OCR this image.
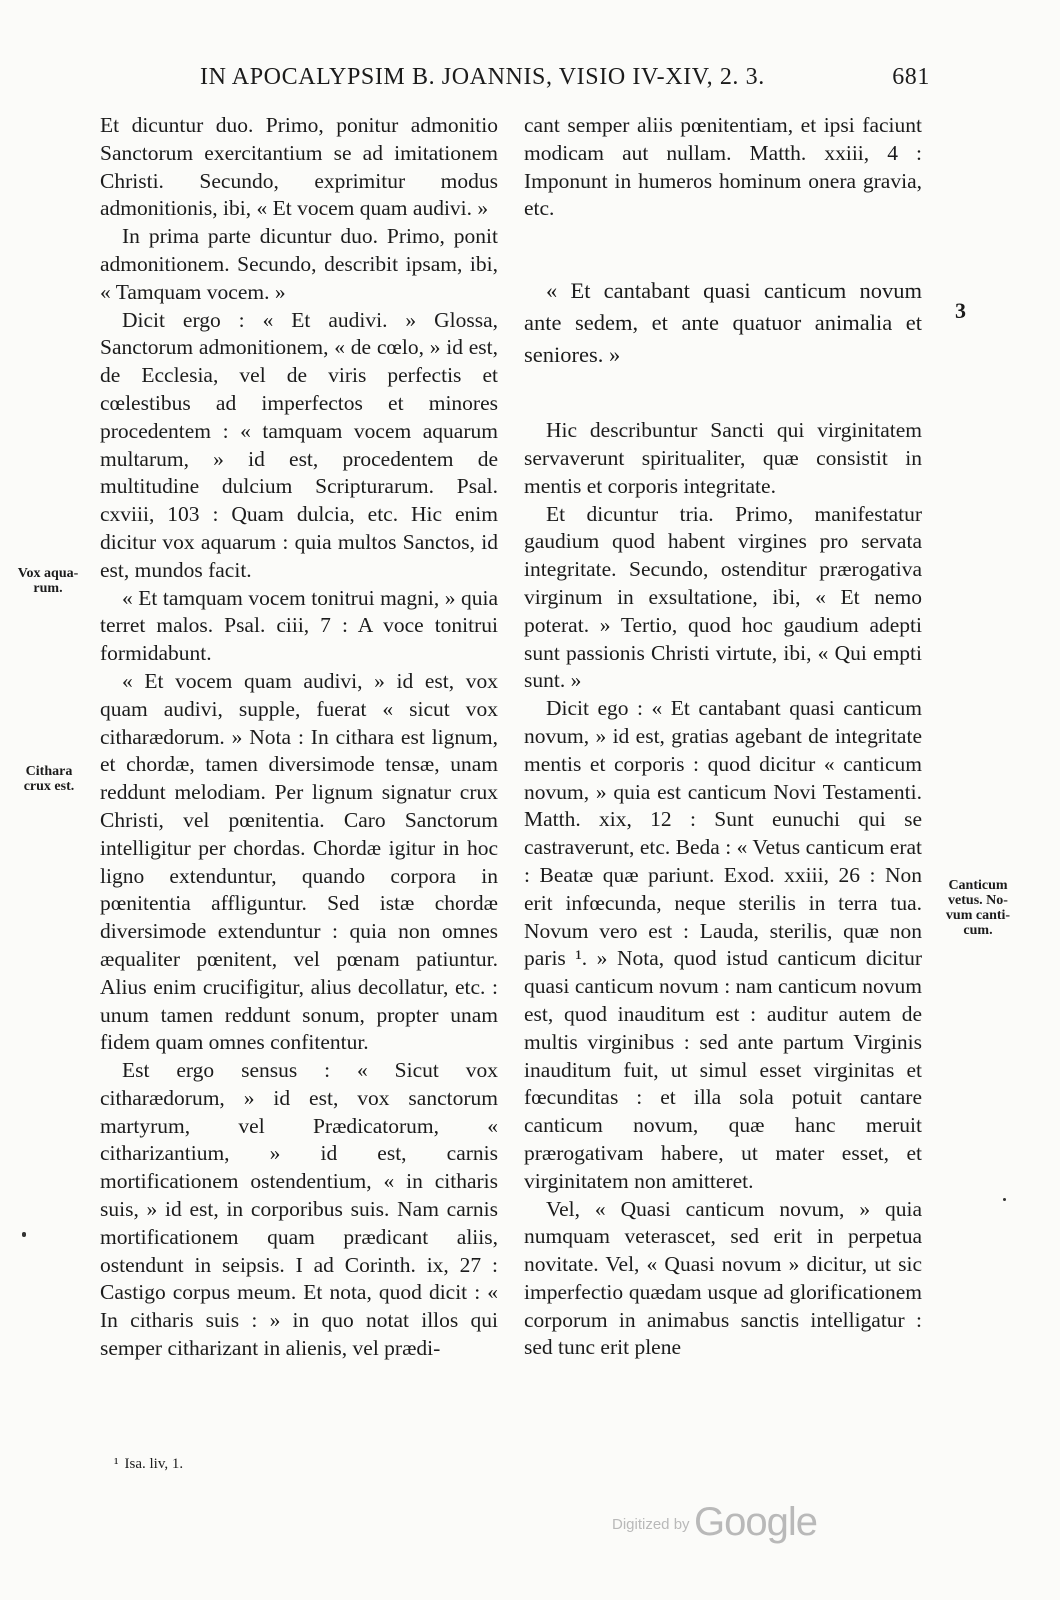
IN APOCALYPSIM B. JOANNIS, VISIO IV-XIV, 2. 3.	681

Et dicuntur duo. Primo, ponitur admonitio Sanctorum exercitantium se ad imitationem Christi. Secundo, exprimitur modus admonitionis, ibi, « Et vocem quam audivi. »

In prima parte dicuntur duo. Primo, ponit admonitionem. Secundo, describit ipsam, ibi, « Tamquam vocem. »

Dicit ergo : « Et audivi. » Glossa, Sanctorum admonitionem, « de cœlo, » id est, de Ecclesia, vel de viris perfectis et cœlestibus ad imperfectos et minores procedentem : « tamquam vocem aquarum multarum, » id est, procedentem de multitudine dulcium Scripturarum. Psal. cxviii, 103 : Quam dulcia, etc. Hic enim dicitur vox aquarum : quia multos Sanctos, id est, mundos facit.

« Et tamquam vocem tonitrui magni, » quia terret malos. Psal. ciii, 7 : A voce tonitrui formidabunt.

« Et vocem quam audivi, » id est, vox quam audivi, supple, fuerat « sicut vox citharædorum. » Nota : In cithara est lignum, et chordæ, tamen diversimode tensæ, unam reddunt melodiam. Per lignum signatur crux Christi, vel pœnitentia. Caro Sanctorum intelligitur per chordas. Chordæ igitur in hoc ligno extenduntur, quando corpora in pœnitentia affliguntur. Sed istæ chordæ diversimode extenduntur : quia non omnes æqualiter pœnitent, vel pœnam patiuntur. Alius enim crucifigitur, alius decollatur, etc. : unum tamen reddunt sonum, propter unam fidem quam omnes confitentur.

Est ergo sensus : « Sicut vox citharædorum, » id est, vox sanctorum martyrum, vel Prædicatorum, « citharizantium, » id est, carnis mortificationem ostendentium, « in citharis suis, » id est, in corporibus suis. Nam carnis mortificationem quam prædicant aliis, ostendunt in seipsis. I ad Corinth. ix, 27 : Castigo corpus meum. Et nota, quod dicit : « In citharis suis : » in quo notat illos qui semper citharizant in alienis, vel prædi-

cant semper aliis pœnitentiam, et ipsi faciunt modicam aut nullam. Matth. xxiii, 4 : Imponunt in humeros hominum onera gravia, etc.

« Et cantabant quasi canticum novum ante sedem, et ante quatuor animalia et seniores. »

Hic describuntur Sancti qui virginitatem servaverunt spiritualiter, quæ consistit in mentis et corporis integritate.

Et dicuntur tria. Primo, manifestatur gaudium quod habent virgines pro servata integritate. Secundo, ostenditur prærogativa virginum in exsultatione, ibi, « Et nemo poterat. » Tertio, quod hoc gaudium adepti sunt passionis Christi virtute, ibi, « Qui empti sunt. »

Dicit ego : « Et cantabant quasi canticum novum, » id est, gratias agebant de integritate mentis et corporis : quod dicitur « canticum novum, » quia est canticum Novi Testamenti. Matth. xix, 12 : Sunt eunuchi qui se castraverunt, etc. Beda : « Vetus canticum erat : Beatæ quæ pariunt. Exod. xxiii, 26 : Non erit infœcunda, neque sterilis in terra tua. Novum vero est : Lauda, sterilis, quæ non paris ¹. » Nota, quod istud canticum dicitur quasi canticum novum : nam canticum novum est, quod inauditum est : auditur autem de multis virginibus : sed ante partum Virginis inauditum fuit, ut simul esset virginitas et fœcunditas : et illa sola potuit cantare canticum novum, quæ hanc meruit prærogativam habere, ut mater esset, et virginitatem non amitteret.

Vel, « Quasi canticum novum, » quia numquam veterascet, sed erit in perpetua novitate. Vel, « Quasi novum » dicitur, ut sic imperfectio quædam usque ad glorificationem corporum in animabus sanctis intelligatur : sed tunc erit plene

Vox aqua-
rum.
Cithara
crux est.
Canticum
vetus. No-
vum canti-
cum.
3
¹ Isa. liv, 1.
Digitized by Google
